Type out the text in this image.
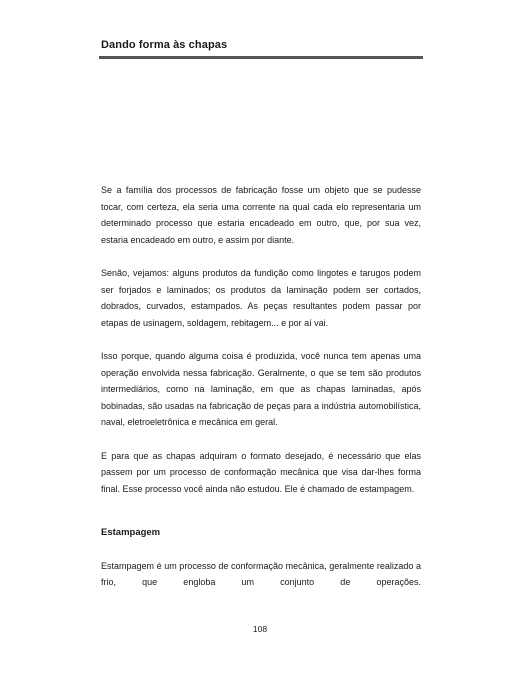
Dando forma às chapas

Se a família dos processos de fabricação fosse um objeto que se pudesse tocar, com certeza, ela seria uma corrente na qual cada elo representaria um determinado processo que estaria encadeado em outro, que, por sua vez, estaria encadeado em outro, e assim por diante.

Senão, vejamos: alguns produtos da fundição como lingotes e tarugos podem ser forjados e laminados; os produtos da laminação podem ser cortados, dobrados, curvados, estampados. As peças resultantes podem passar por etapas de usinagem, soldagem, rebitagem... e por aí vai.

Isso porque, quando alguma coisa é produzida, você nunca tem apenas uma operação envolvida nessa fabricação. Geralmente, o que se tem são produtos intermediários, como na laminação, em que as chapas laminadas, após bobinadas, são usadas na fabricação de peças para a indústria automobilística, naval, eletroeletrônica e mecânica em geral.

E para que as chapas adquiram o formato desejado, é necessário que elas passem por um processo de conformação mecânica que visa dar-lhes forma final. Esse processo você ainda não estudou. Ele é chamado de estampagem.

Estampagem

Estampagem é um processo de conformação mecânica, geralmente realizado a frio, que engloba um conjunto de operações.

108
